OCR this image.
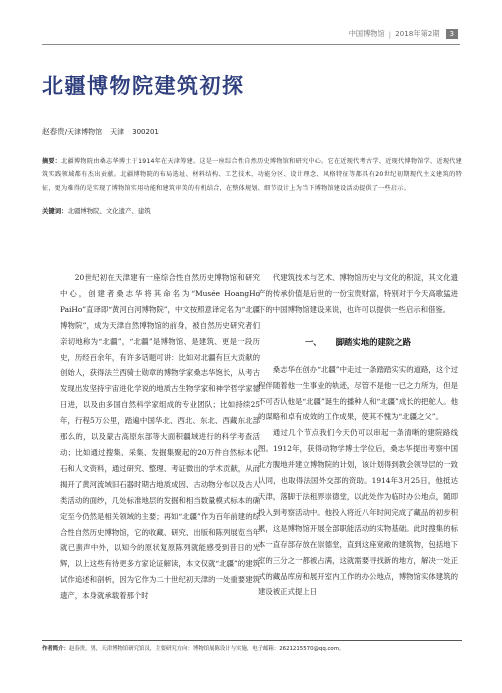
中国博物馆 | 2018年第2期	3
北疆博物院建筑初探
赵春贵/天津博物馆 天津 300201
摘要：北疆博物院由桑志华博士于1914年在天津筹建。这是一座综合性自然历史博物馆和研究中心。它在近现代考古学、近现代博物馆学、近现代建筑实践领域都有杰出贡献。北疆博物院的布局选址、材料结构、工艺技术、功能分区、设计理念、风格特征等都具有20世纪初期现代主义建筑的特征，更为难得的是实现了博物馆实用功能和建筑审美的有机结合，在整体规划、细节设计上为当下博物馆建设活动提供了一些启示。
关键词：北疆博物院、文化遗产、建筑

20世纪初在天津建有一座综合性自然历史博物馆和研究中心，创建者桑志华将其命名为“Musée HoangHo PaiHo”直译即“黄河白河博物院”，中文按照意译定名为“北疆博物院”，成为天津自然博物馆的前身，被自然历史研究者们亲切地称为“北疆”，“北疆”是博物馆、是建筑、更是一段历史，历经百余年，有许多话题可讲：比如对北疆有巨大贡献的创始人，获得法兰西骑士勋章的博物学家桑志华饱长，从考古发现出发坚持宇宙进化学说的地质古生物学家和神学哲学家德日进，以及由多国自然科学家组成的专业团队；比如持续25年，行程5万公里，踏遍中国华北、西北、东北、西藏东北部那么的，以及蒙古高原东部等大面积疆域进行的科学考查活动；比如通过搜集、采集、发掘集聚起的20万件自然标本化石和人文资料，通过研究、整理、考证微出的学术贡献，从而揭开了黄河流域旧石器时期古地质成因、古动物分布以及古人类活动的面纱，几处标准地层的发掘和相当数量模式标本的确定至今仍然是相关领域的主要；再如“北疆”作为百年前建的综合性自然历史博物馆，它的收藏、研究、出版和陈列展览当年就已蜚声中外，以知今的原状复原陈列就能感受到昔日的光辉，以上这些有待更多方家论证解读，本文仅就“北疆”的建筑试作追述和剖析，因为它作为二十世纪初天津的一处重要建筑遗产，本身就承载着那个时

代建筑技术与艺术、博物馆历史与文化的积淀，其文化遗产的传承价值是后世的一份宝贵财富，特别对于今天高歌猛进下的中国博物馆建设来说，也许可以提供一些启示和借鉴。

一、 脚踏实地的建院之路

桑志华在创办“北疆”中走过一条踏踏实实的道路，这个过程伴随着他一生事业的轨迹，尽管不是他一已之力所为，但是不可否认他是“北疆”诞生的播种人和“北疆”成长的把舵人。他的谋略和卓有成效的工作成果，使其不愧为“北疆之父”。

通过几个节点我们今天仍可以串起一条清晰的建院路线图。1912年，获得动物学博士学位后，桑志华提出考察中国北方腹地并建立博物院的计划，该计划得到教会领导层的一致认同，也取得法国外交部的资助。1914年3月25日，他抵达天津，落脚于法租界崇德堂，以此处作为临时办公地点，随即投入到考察活动中。他投入将近八年时间完成了藏品的初步积累，这是博物馆开展全部职能活动的实物基础。此时搜集的标本一直存部存放在崇德堂，直到这座宽敞的建筑物，包括地下室的三分之一都被占满，这就需要寻找新的地方，解决一处正式的藏品库房和展开室内工作的办公地点，博物馆实体建筑的建设被正式提上日

作者简介：赵春贵，男，天津博物馆研究馆员，主要研究方向：博物馆展陈设计与实施，电子邮箱：2621215570@qq.com。
